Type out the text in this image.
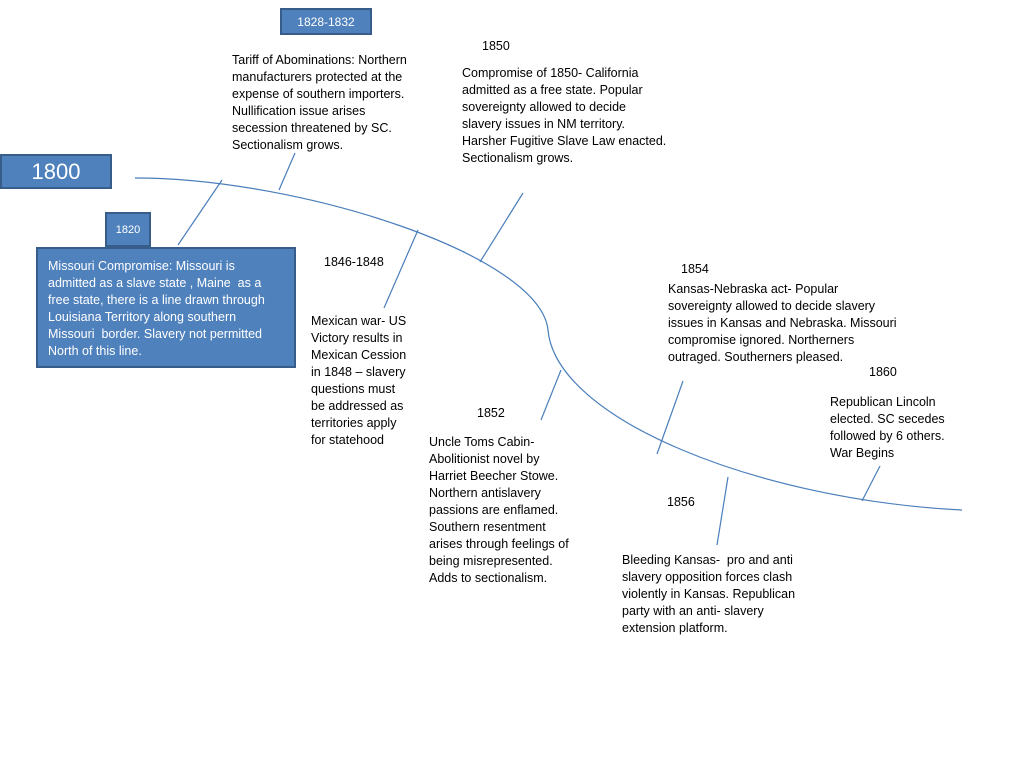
1800
1820
Missouri Compromise: Missouri is
admitted as a slave state , Maine  as a
free state, there is a line drawn through
Louisiana Territory along southern
Missouri  border. Slavery not permitted
North of this line.
1828-1832
Tariff of Abominations: Northern
manufacturers protected at the
expense of southern importers.
Nullification issue arises
secession threatened by SC.
Sectionalism grows.
1846-1848
Mexican war- US
Victory results in
Mexican Cession
in 1848 – slavery
questions must
be addressed as
territories apply
for statehood
1850
Compromise of 1850- California
admitted as a free state. Popular
sovereignty allowed to decide
slavery issues in NM territory.
Harsher Fugitive Slave Law enacted.
Sectionalism grows.
1852
Uncle Toms Cabin-
Abolitionist novel by
Harriet Beecher Stowe.
Northern antislavery
passions are enflamed.
Southern resentment
arises through feelings of
being misrepresented.
Adds to sectionalism.
1854
Kansas-Nebraska act- Popular
sovereignty allowed to decide slavery
issues in Kansas and Nebraska. Missouri
compromise ignored. Northerners
outraged. Southerners pleased.
1856
Bleeding Kansas-  pro and anti
slavery opposition forces clash
violently in Kansas. Republican
party with an anti- slavery
extension platform.
1860
Republican Lincoln
elected. SC secedes
followed by 6 others.
War Begins
